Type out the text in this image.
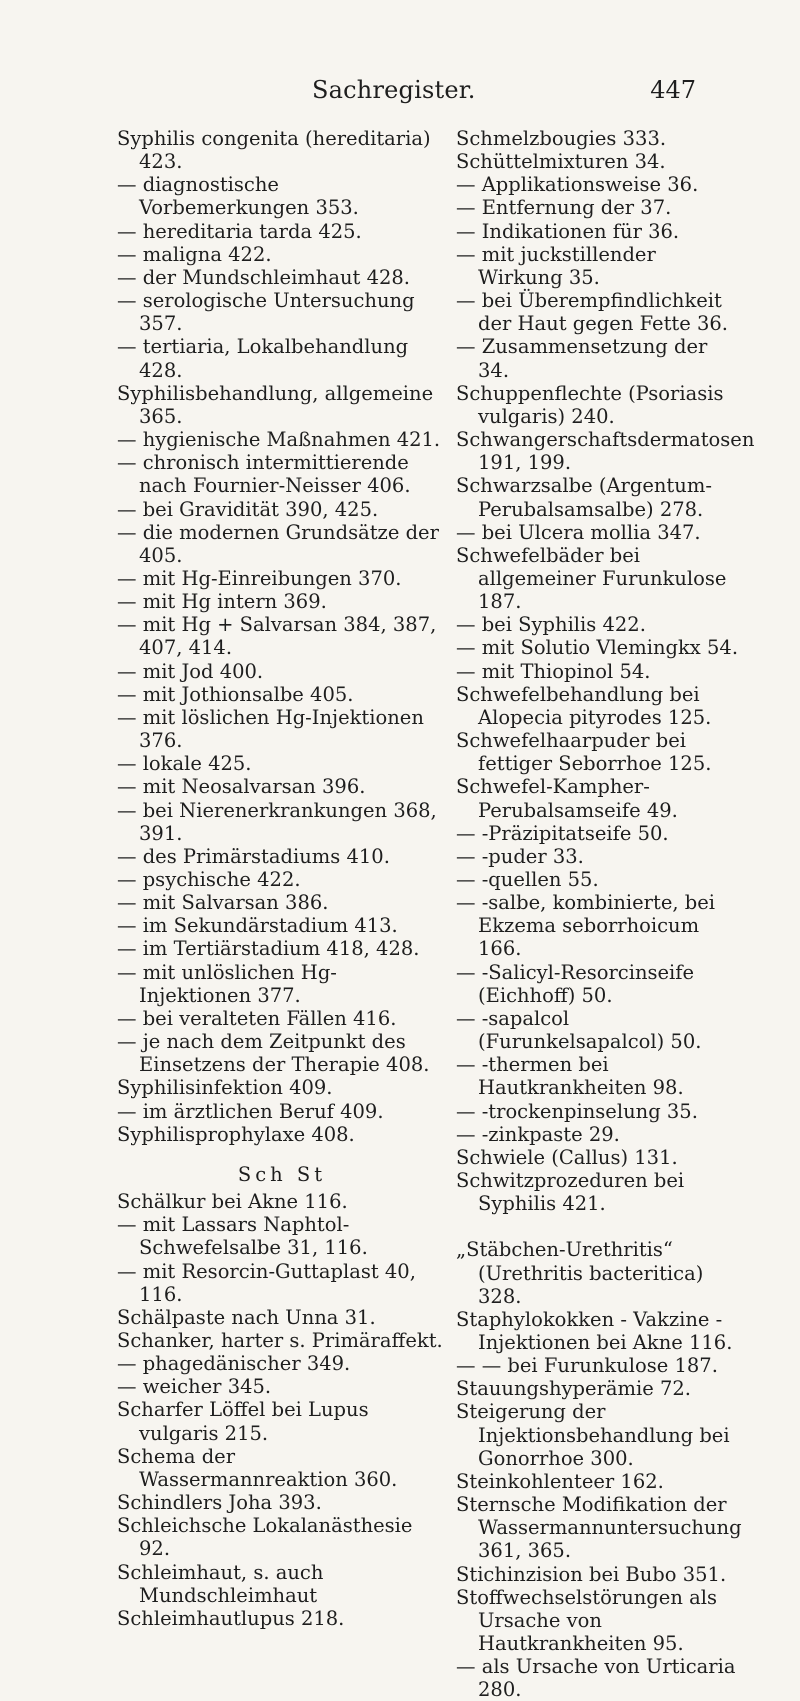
Sachregister.	447

Syphilis congenita (hereditaria) 423.

— diagnostische Vorbemerkungen 353.

— hereditaria tarda 425.

— maligna 422.

— der Mundschleimhaut 428.

— serologische Untersuchung 357.

— tertiaria, Lokalbehandlung 428.

Syphilisbehandlung, allgemeine 365.

— hygienische Maßnahmen 421.

— chronisch intermittierende nach Fournier-Neisser 406.

— bei Gravidität 390, 425.

— die modernen Grundsätze der 405.

— mit Hg-Einreibungen 370.

— mit Hg intern 369.

— mit Hg + Salvarsan 384, 387, 407, 414.

— mit Jod 400.

— mit Jothionsalbe 405.

— mit löslichen Hg-Injektionen 376.

— lokale 425.

— mit Neosalvarsan 396.

— bei Nierenerkrankungen 368, 391.

— des Primärstadiums 410.

— psychische 422.

— mit Salvarsan 386.

— im Sekundärstadium 413.

— im Tertiärstadium 418, 428.

— mit unlöslichen Hg-Injektionen 377.

— bei veralteten Fällen 416.

— je nach dem Zeitpunkt des Einsetzens der Therapie 408.

Syphilisinfektion 409.

— im ärztlichen Beruf 409.

Syphilisprophylaxe 408.

Sch St

Schälkur bei Akne 116.

— mit Lassars Naphtol-Schwefelsalbe 31, 116.

— mit Resorcin-Guttaplast 40, 116.

Schälpaste nach Unna 31.

Schanker, harter s. Primäraffekt.

— phagedänischer 349.

— weicher 345.

Scharfer Löffel bei Lupus vulgaris 215.

Schema der Wassermannreaktion 360.

Schindlers Joha 393.

Schleichsche Lokalanästhesie 92.

Schleimhaut, s. auch Mundschleimhaut

Schleimhautlupus 218.

Schmelzbougies 333.

Schüttelmixturen 34.

— Applikationsweise 36.

— Entfernung der 37.

— Indikationen für 36.

— mit juckstillender Wirkung 35.

— bei Überempfindlichkeit der Haut gegen Fette 36.

— Zusammensetzung der 34.

Schuppenflechte (Psoriasis vulgaris) 240.

Schwangerschaftsdermatosen 191, 199.

Schwarzsalbe (Argentum-Perubalsamsalbe) 278.

— bei Ulcera mollia 347.

Schwefelbäder bei allgemeiner Furunkulose 187.

— bei Syphilis 422.

— mit Solutio Vlemingkx 54.

— mit Thiopinol 54.

Schwefelbehandlung bei Alopecia pityrodes 125.

Schwefelhaarpuder bei fettiger Seborrhoe 125.

Schwefel-Kampher-Perubalsamseife 49.

— -Präzipitatseife 50.

— -puder 33.

— -quellen 55.

— -salbe, kombinierte, bei Ekzema seborrhoicum 166.

— -Salicyl-Resorcinseife (Eichhoff) 50.

— -sapalcol (Furunkelsapalcol) 50.

— -thermen bei Hautkrankheiten 98.

— -trockenpinselung 35.

— -zinkpaste 29.

Schwiele (Callus) 131.

Schwitzprozeduren bei Syphilis 421.

„Stäbchen-Urethritis“ (Urethritis bacteritica) 328.

Staphylokokken - Vakzine - Injektionen bei Akne 116.

— — bei Furunkulose 187.

Stauungshyperämie 72.

Steigerung der Injektionsbehandlung bei Gonorrhoe 300.

Steinkohlenteer 162.

Sternsche Modifikation der Wassermannuntersuchung 361, 365.

Stichinzision bei Bubo 351.

Stoffwechselstörungen als Ursache von Hautkrankheiten 95.

— als Ursache von Urticaria 280.
